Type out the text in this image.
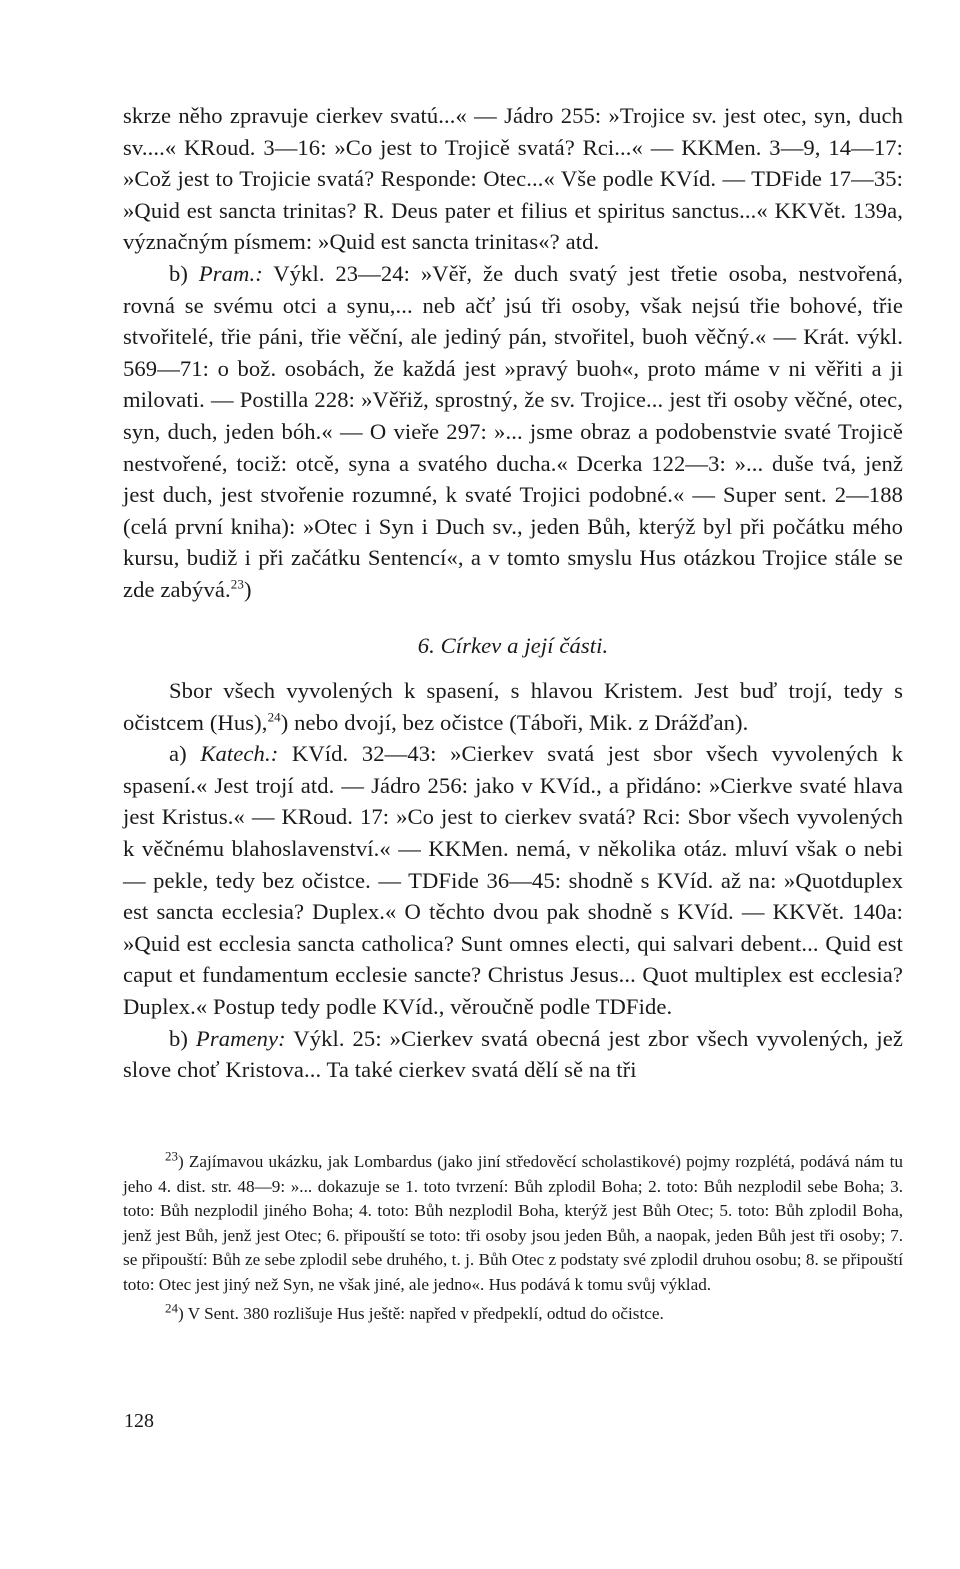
skrze něho zpravuje cierkev svatú...« — Jádro 255: »Trojice sv. jest otec, syn, duch sv....« KRoud. 3—16: »Co jest to Trojicě svatá? Rci...« — KKMen. 3—9, 14—17: »Což jest to Trojicie svatá? Responde: Otec...« Vše podle KVíd. — TDFide 17—35: »Quid est sancta trinitas? R. Deus pater et filius et spiritus sanctus...« KKVět. 139a, význačným písmem: »Quid est sancta trinitas«? atd.

b) Pram.: Výkl. 23—24: »Věř, že duch svatý jest třetie osoba, nestvořená, rovná se svému otci a synu,... neb ačť jsú tři osoby, však nejsú třie bohové, třie stvořitelé, třie páni, třie věční, ale jediný pán, stvořitel, buoh věčný.« — Krát. výkl. 569—71: o bož. osobách, že každá jest »pravý buoh«, proto máme v ni věřiti a ji milovati. — Postilla 228: »Věřiž, sprostný, že sv. Trojice... jest tři osoby věčné, otec, syn, duch, jeden bóh.« — O vieře 297: »... jsme obraz a podobenstvie svaté Trojicě nestvořené, tociž: otcě, syna a svatého ducha.« Dcerka 122—3: »... duše tvá, jenž jest duch, jest stvořenie rozumné, k svaté Trojici podobné.« — Super sent. 2—188 (celá první kniha): »Otec i Syn i Duch sv., jeden Bůh, kterýž byl při počátku mého kursu, budiž i při začátku Sentencí«, a v tomto smyslu Hus otázkou Trojice stále se zde zabývá.$^{23}$)

6. Církev a její části.

Sbor všech vyvolených k spasení, s hlavou Kristem. Jest buď trojí, tedy s očistcem (Hus),$^{24}$) nebo dvojí, bez očistce (Tábořі, Mik. z Drážďan).

a) Katech.: KVíd. 32—43: »Cierkev svatá jest sbor všech vyvolených k spasení.« Jest trojí atd. — Jádro 256: jako v KVíd., a přidáno: »Cierkve svaté hlava jest Kristus.« — KRoud. 17: »Co jest to cierkev svatá? Rci: Sbor všech vyvolených k věčnému blahoslavenství.« — KKMen. nemá, v několika otáz. mluví však o nebi — pekle, tedy bez očistce. — TDFide 36—45: shodně s KVíd. až na: »Quotduplex est sancta ecclesia? Duplex.« O těchto dvou pak shodně s KVíd. — KKVět. 140a: »Quid est ecclesia sancta catholica? Sunt omnes electi, qui salvari debent... Quid est caput et fundamentum ecclesie sancte? Christus Jesus... Quot multiplex est ecclesia? Duplex.« Postup tedy podle KVíd., věroučně podle TDFide.

b) Prameny: Výkl. 25: »Cierkev svatá obecná jest zbor všech vyvolených, jež slove choť Kristova... Ta také cierkev svatá dělí sě na tři

$^{23}$) Zajímavou ukázku, jak Lombardus (jako jiní středověcí scholastikové) pojmy rozplétá, podává nám tu jeho 4. dist. str. 48—9: »... dokazuje se 1. toto tvrzení: Bůh zplodil Boha; 2. toto: Bůh nezplodil sebe Boha; 3. toto: Bůh nezplodil jiného Boha; 4. toto: Bůh nezplodil Boha, kterýž jest Bůh Otec; 5. toto: Bůh zplodil Boha, jenž jest Bůh, jenž jest Otec; 6. připouští se toto: tři osoby jsou jeden Bůh, a naopak, jeden Bůh jest tři osoby; 7. se připouští: Bůh ze sebe zplodil sebe druhého, t. j. Bůh Otec z podstaty své zplodil druhou osobu; 8. se připouští toto: Otec jest jiný než Syn, ne však jiné, ale jedno«. Hus podává k tomu svůj výklad.

$^{24}$) V Sent. 380 rozlišuje Hus ještě: napřed v předpeklí, odtud do očistce.

128
